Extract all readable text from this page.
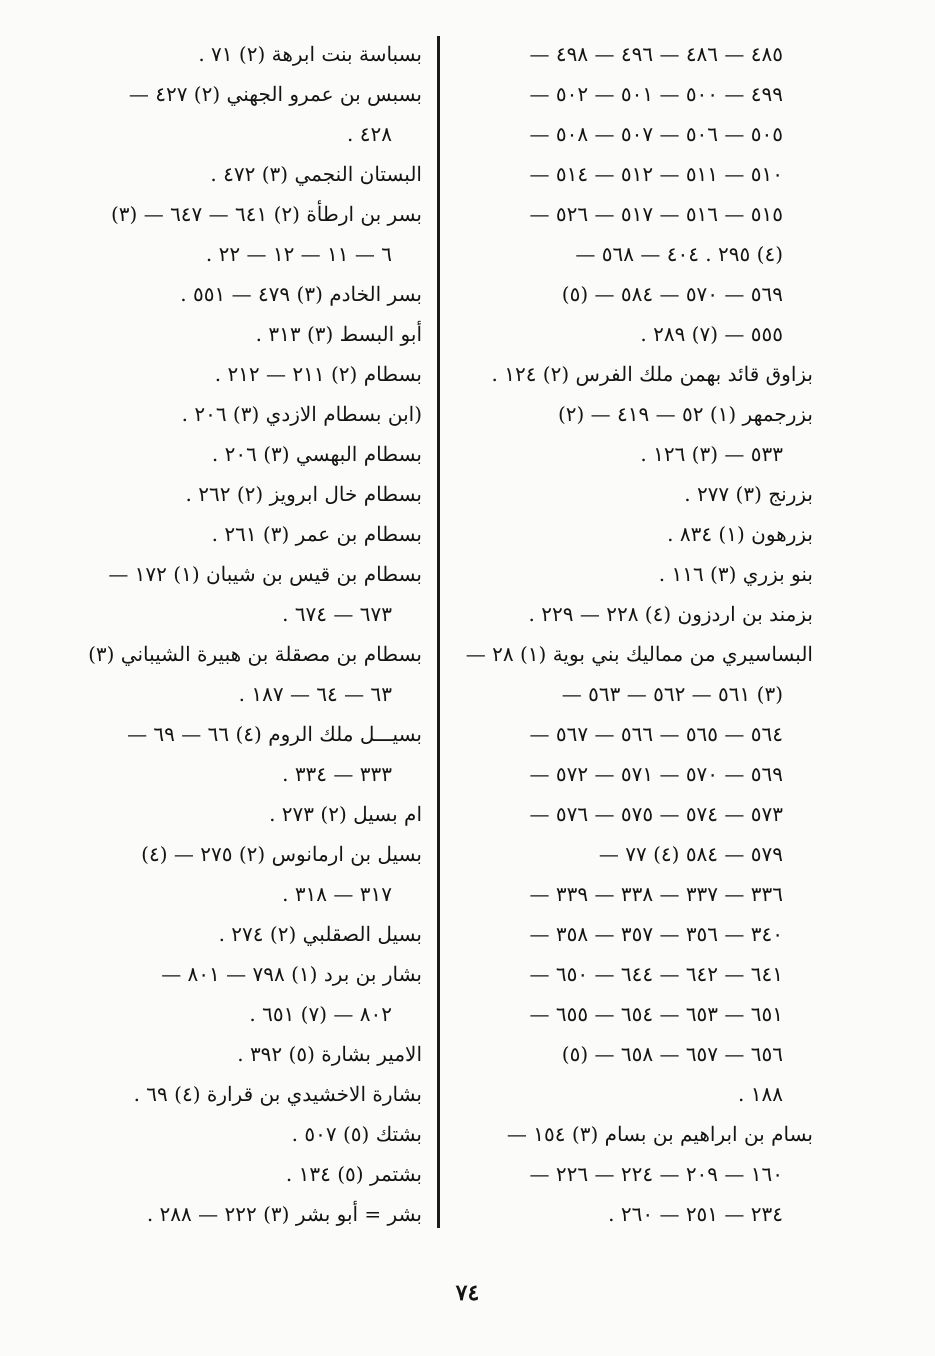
٤٨٥ — ٤٨٦ — ٤٩٦ — ٤٩٨ —
٤٩٩ — ٥٠٠ — ٥٠١ — ٥٠٢ —
٥٠٥ — ٥٠٦ — ٥٠٧ — ٥٠٨ —
٥١٠ — ٥١١ — ٥١٢ — ٥١٤ —
٥١٥ — ٥١٦ — ٥١٧ — ٥٢٦ —
(٤) ٢٩٥ . ٤٠٤ — ٥٦٨ —
٥٦٩ — ٥٧٠ — ٥٨٤ — (٥)
٥٥٥ — (٧) ٢٨٩ .
بزاوق قائد بهمن ملك الفرس (٢) ١٢٤ .
بزرجمهر (١) ٥٢ — ٤١٩ — (٢)
٥٣٣ — (٣) ١٢٦ .
بزرنج (٣) ٢٧٧ .
بزرهون (١) ٨٣٤ .
بنو بزري (٣) ١١٦ .
بزمند بن اردزون (٤) ٢٢٨ — ٢٢٩ .
البساسيري من مماليك بني بوية (١) ٢٨ —
(٣) ٥٦١ — ٥٦٢ — ٥٦٣ —
٥٦٤ — ٥٦٥ — ٥٦٦ — ٥٦٧ —
٥٦٩ — ٥٧٠ — ٥٧١ — ٥٧٢ —
٥٧٣ — ٥٧٤ — ٥٧٥ — ٥٧٦ —
٥٧٩ — ٥٨٤ (٤) ٧٧ —
٣٣٦ — ٣٣٧ — ٣٣٨ — ٣٣٩ —
٣٤٠ — ٣٥٦ — ٣٥٧ — ٣٥٨ —
٦٤١ — ٦٤٢ — ٦٤٤ — ٦٥٠ —
٦٥١ — ٦٥٣ — ٦٥٤ — ٦٥٥ —
٦٥٦ — ٦٥٧ — ٦٥٨ — (٥)
١٨٨ .
بسام بن ابراهيم بن بسام (٣) ١٥٤ —
١٦٠ — ٢٠٩ — ٢٢٤ — ٢٢٦ —
٢٣٤ — ٢٥١ — ٢٦٠ .
بسباسة بنت ابرهة (٢) ٧١ .
بسبس بن عمرو الجهني (٢) ٤٢٧ —
٤٢٨ .
البستان النجمي (٣) ٤٧٢ .
بسر بن ارطأة (٢) ٦٤١ — ٦٤٧ — (٣)
٦ — ١١ — ١٢ — ٢٢ .
بسر الخادم (٣) ٤٧٩ — ٥٥١ .
أبو البسط (٣) ٣١٣ .
بسطام (٢) ٢١١ — ٢١٢ .
(ابن بسطام الازدي (٣) ٢٠٦ .
بسطام البهسي (٣) ٢٠٦ .
بسطام خال ابرويز (٢) ٢٦٢ .
بسطام بن عمر (٣) ٢٦١ .
بسطام بن قيس بن شيبان (١) ١٧٢ —
٦٧٣ — ٦٧٤ .
بسطام بن مصقلة بن هبيرة الشيباني (٣)
٦٣ — ٦٤ — ١٨٧ .
بسيـــل ملك الروم (٤) ٦٦ — ٦٩ —
٣٣٣ — ٣٣٤ .
ام بسيل (٢) ٢٧٣ .
بسيل بن ارمانوس (٢) ٢٧٥ — (٤)
٣١٧ — ٣١٨ .
بسيل الصقلبي (٢) ٢٧٤ .
بشار بن برد (١) ٧٩٨ — ٨٠١ —
٨٠٢ — (٧) ٦٥١ .
الامير بشارة (٥) ٣٩٢ .
بشارة الاخشيدي بن قرارة (٤) ٦٩ .
بشتك (٥) ٥٠٧ .
بشتمر (٥) ١٣٤ .
بشر = أبو بشر (٣) ٢٢٢ — ٢٨٨ .
٧٤
